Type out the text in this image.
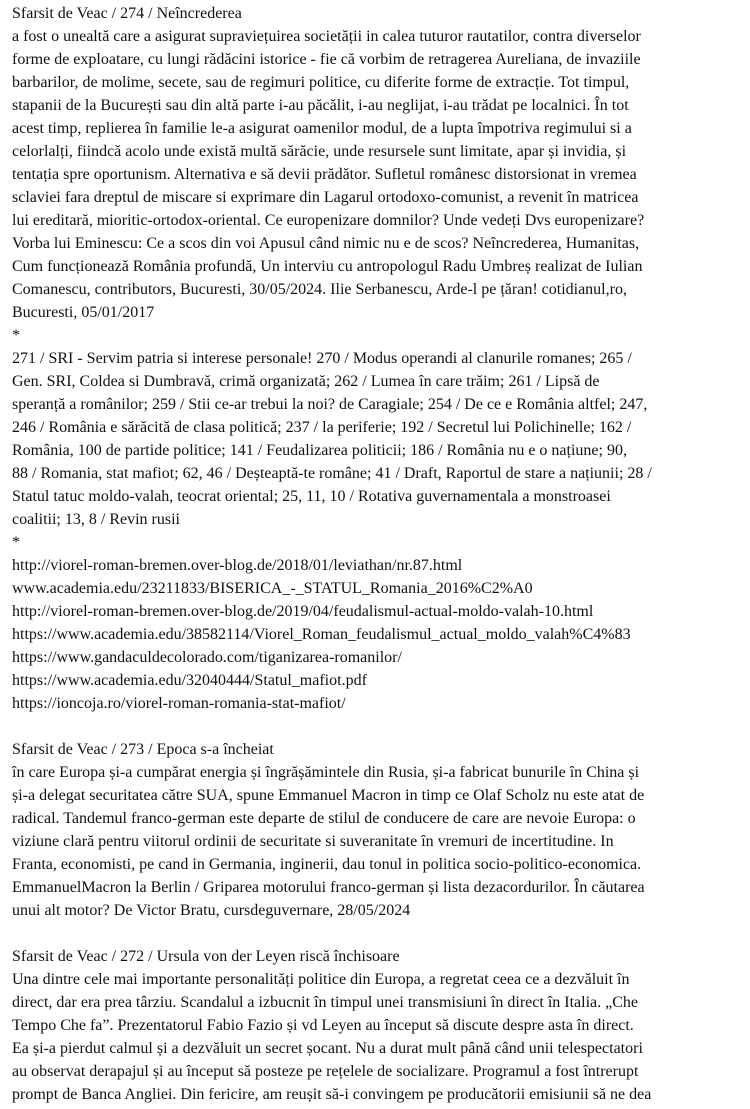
Sfarsit de Veac / 274 / Neîncrederea
a fost o unealtă care a asigurat supraviețuirea societății in calea tuturor rautatilor, contra diverselor
forme de exploatare, cu lungi rădăcini istorice - fie că vorbim de retragerea Aureliana, de invaziile
barbarilor, de molime, secete, sau de regimuri politice, cu diferite forme de extracție. Tot timpul,
stapanii de la București sau din altă parte i-au păcălit, i-au neglijat, i-au trădat pe localnici. În tot
acest timp, replierea în familie le-a asigurat oamenilor modul, de a lupta împotriva regimului si a
celorlalți, fiindcă acolo unde există multă sărăcie, unde resursele sunt limitate, apar și invidia, și
tentația spre oportunism. Alternativa e să devii prădător. Sufletul românesc distorsionat in vremea
sclaviei fara dreptul de miscare si exprimare din Lagarul ortodoxo-comunist, a revenit în matricea
lui ereditară, mioritic-ortodox-oriental. Ce europenizare domnilor? Unde vedeți Dvs europenizare?
Vorba lui Eminescu: Ce a scos din voi Apusul când nimic nu e de scos? Neîncrederea, Humanitas,
Cum funcționează România profundă, Un interviu cu antropologul Radu Umbreș realizat de Iulian
Comanescu, contributors, Bucuresti, 30/05/2024. Ilie Serbanescu, Arde-l pe țăran! cotidianul,ro,
Bucuresti, 05/01/2017
*
271 / SRI - Servim patria si interese personale! 270 / Modus operandi al clanurile romanes; 265 /
Gen. SRI, Coldea si Dumbravă, crimă organizată; 262 / Lumea în care trăim; 261 / Lipsă de
speranță a românilor; 259 / Stii ce-ar trebui la noi? de Caragiale; 254 / De ce e România altfel; 247,
246 / România e sărăcită de clasa politică; 237 / la periferie; 192 / Secretul lui Polichinelle; 162 /
România, 100 de partide politice; 141 / Feudalizarea politicii; 186 / România nu e o națiune; 90,
88 / Romania, stat mafiot; 62, 46 / Deșteaptă-te române; 41 / Draft, Raportul de stare a națiunii; 28 /
Statul tatuc moldo-valah, teocrat oriental; 25, 11, 10 / Rotativa guvernamentala a monstroasei
coalitii; 13, 8 / Revin rusii
*
http://viorel-roman-bremen.over-blog.de/2018/01/leviathan/nr.87.html
www.academia.edu/23211833/BISERICA_-_STATUL_Romania_2016%C2%A0
http://viorel-roman-bremen.over-blog.de/2019/04/feudalismul-actual-moldo-valah-10.html
https://www.academia.edu/38582114/Viorel_Roman_feudalismul_actual_moldo_valah%C4%83
https://www.gandaculdecolorado.com/tiganizarea-romanilor/
https://www.academia.edu/32040444/Statul_mafiot.pdf
https://ioncoja.ro/viorel-roman-romania-stat-mafiot/
Sfarsit de Veac / 273 / Epoca s-a încheiat
în care Europa și-a cumpărat energia și îngrășămintele din Rusia, și-a fabricat bunurile în China și
și-a delegat securitatea către SUA, spune Emmanuel Macron in timp ce Olaf Scholz nu este atat de
radical. Tandemul franco-german este departe de stilul de conducere de care are nevoie Europa: o
viziune clară pentru viitorul ordinii de securitate si suveranitate în vremuri de incertitudine. In
Franta, economisti, pe cand in Germania, inginerii, dau tonul in politica socio-politico-economica.
EmmanuelMacron la Berlin / Griparea motorului franco-german și lista dezacordurilor. În căutarea
unui alt motor? De Victor Bratu, cursdeguvernare, 28/05/2024
Sfarsit de Veac / 272 / Ursula von der Leyen riscă închisoare
Una dintre cele mai importante personalități politice din Europa, a regretat ceea ce a dezvăluit în
direct, dar era prea târziu. Scandalul a izbucnit în timpul unei transmisiuni în direct în Italia. „Che
Tempo Che fa”. Prezentatorul Fabio Fazio și vd Leyen au început să discute despre asta în direct.
Ea și-a pierdut calmul și a dezvăluit un secret șocant. Nu a durat mult până când unii telespectatori
au observat derapajul și au început să posteze pe rețelele de socializare. Programul a fost întrerupt
prompt de Banca Angliei. Din fericire, am reușit să-i convingem pe producătorii emisiunii să ne dea
